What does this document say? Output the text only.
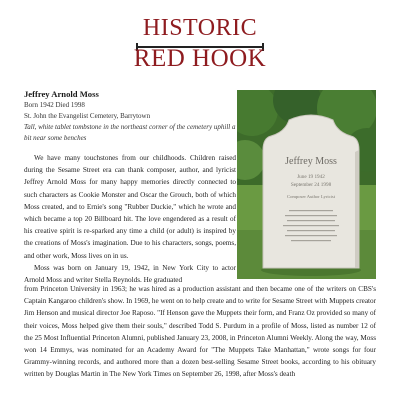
HISTORIC
RED HOOK
Jeffrey Arnold Moss
Born 1942 Died 1998
St. John the Evangelist Cemetery, Barrytown
Tall, white tablet tombstone in the northeast corner of the cemetery uphill a bit near some benches
Jeffrey Moss
June 19 1942
September 24 1998
Composer Author Lyricist

We have many touchstones from our childhoods. Children raised during the Sesame Street era can thank composer, author, and lyricist Jeffrey Arnold Moss for many happy memories directly connected to such characters as Cookie Monster and Oscar the Grouch, both of which Moss created, and to Ernie's song "Rubber Duckie," which he wrote and which became a top 20 Billboard hit. The love engendered as a result of his creative spirit is re-sparked any time a child (or adult) is inspired by the creations of Moss's imagination. Due to his characters, songs, poems, and other work, Moss lives on in us.

Moss was born on January 19, 1942, in New York City to actor Arnold Moss and writer Stella Reynolds. He graduated

from Princeton University in 1963; he was hired as a production assistant and then became one of the writers on CBS's Captain Kangaroo children's show. In 1969, he went on to help create and to write for Sesame Street with Muppets creator Jim Henson and musical director Joe Raposo. "If Henson gave the Muppets their form, and Franz Oz provided so many of their voices, Moss helped give them their souls," described Todd S. Purdum in a profile of Moss, listed as number 12 of the 25 Most Influential Princeton Alumni, published January 23, 2008, in Princeton Alumni Weekly. Along the way, Moss won 14 Emmys, was nominated for an Academy Award for "The Muppets Take Manhattan," wrote songs for four Grammy-winning records, and authored more than a dozen best-selling Sesame Street books, according to his obituary written by Douglas Martin in The New York Times on September 26, 1998, after Moss's death
